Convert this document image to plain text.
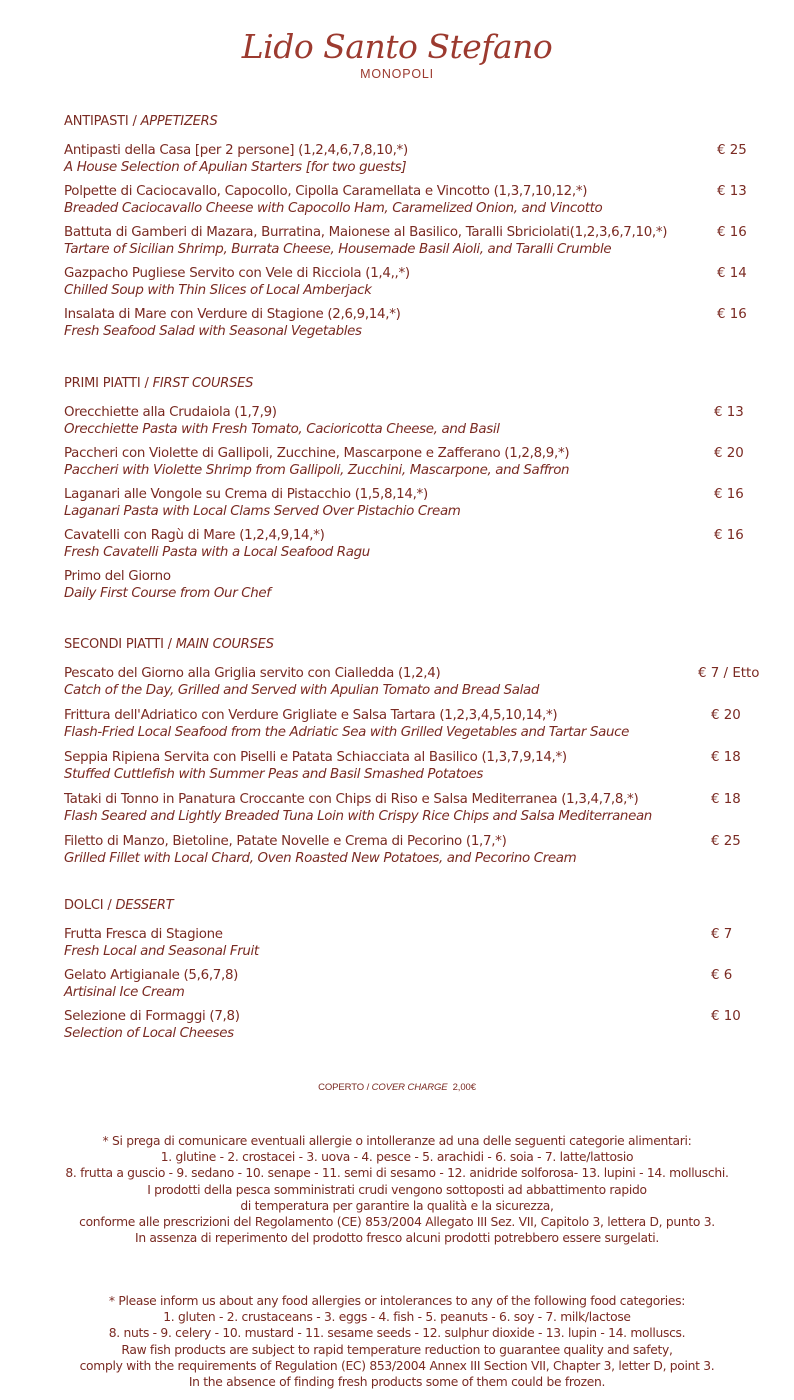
Lido Santo Stefano
MONOPOLI
ANTIPASTI / APPETIZERS
Antipasti della Casa [per 2 persone] (1,2,4,6,7,8,10,*)
A House Selection of Apulian Starters [for two guests]
€ 25
Polpette di Caciocavallo, Capocollo, Cipolla Caramellata e Vincotto (1,3,7,10,12,*)
Breaded Caciocavallo Cheese with Capocollo Ham, Caramelized Onion, and Vincotto
€ 13
Battuta di Gamberi di Mazara, Burratina, Maionese al Basilico, Taralli Sbriciolati(1,2,3,6,7,10,*)
Tartare of Sicilian Shrimp, Burrata Cheese, Housemade Basil Aioli, and Taralli Crumble
€ 16
Gazpacho Pugliese Servito con Vele di Ricciola (1,4,,*)
Chilled Soup with Thin Slices of Local Amberjack
€ 14
Insalata di Mare con Verdure di Stagione (2,6,9,14,*)
Fresh Seafood Salad with Seasonal Vegetables
€ 16
PRIMI PIATTI / FIRST COURSES
Orecchiette alla Crudaiola (1,7,9)
Orecchiette Pasta with Fresh Tomato, Cacioricotta Cheese, and Basil
€ 13
Paccheri con Violette di Gallipoli, Zucchine, Mascarpone e Zafferano (1,2,8,9,*)
Paccheri with Violette Shrimp from Gallipoli, Zucchini, Mascarpone, and Saffron
€ 20
Laganari alle Vongole su Crema di Pistacchio (1,5,8,14,*)
Laganari Pasta with Local Clams Served Over Pistachio Cream
€ 16
Cavatelli con Ragù di Mare (1,2,4,9,14,*)
Fresh Cavatelli Pasta with a Local Seafood Ragu
€ 16
Primo del Giorno
Daily First Course from Our Chef
SECONDI PIATTI / MAIN COURSES
Pescato del Giorno alla Griglia servito con Cialledda (1,2,4)
Catch of the Day, Grilled and Served with Apulian Tomato and Bread Salad
€ 7 / Etto
Frittura dell'Adriatico con Verdure Grigliate e Salsa Tartara (1,2,3,4,5,10,14,*)
Flash-Fried Local Seafood from the Adriatic Sea with Grilled Vegetables and Tartar Sauce
€ 20
Seppia Ripiena Servita con Piselli e Patata Schiacciata al Basilico (1,3,7,9,14,*)
Stuffed Cuttlefish with Summer Peas and Basil Smashed Potatoes
€ 18
Tataki di Tonno in Panatura Croccante con Chips di Riso e Salsa Mediterranea (1,3,4,7,8,*)
Flash Seared and Lightly Breaded Tuna Loin with Crispy Rice Chips and Salsa Mediterranean
€ 18
Filetto di Manzo, Bietoline, Patate Novelle e Crema di Pecorino (1,7,*)
Grilled Fillet with Local Chard, Oven Roasted New Potatoes, and Pecorino Cream
€ 25
DOLCI / DESSERT
Frutta Fresca di Stagione
Fresh Local and Seasonal Fruit
€ 7
Gelato Artigianale (5,6,7,8)
Artisinal Ice Cream
€ 6
Selezione di Formaggi (7,8)
Selection of Local Cheeses
€ 10
COPERTO / COVER CHARGE 2,00€
* Si prega di comunicare eventuali allergie o intolleranze ad una delle seguenti categorie alimentari:
1. glutine - 2. crostacei - 3. uova - 4. pesce - 5. arachidi - 6. soia - 7. latte/lattosio
8. frutta a guscio - 9. sedano - 10. senape - 11. semi di sesamo - 12. anidride solforosa- 13. lupini - 14. molluschi.
I prodotti della pesca somministrati crudi vengono sottoposti ad abbattimento rapido
di temperatura per garantire la qualità e la sicurezza,
conforme alle prescrizioni del Regolamento (CE) 853/2004 Allegato III Sez. VII, Capitolo 3, lettera D, punto 3.
In assenza di reperimento del prodotto fresco alcuni prodotti potrebbero essere surgelati.
* Please inform us about any food allergies or intolerances to any of the following food categories:
1. gluten - 2. crustaceans - 3. eggs - 4. fish - 5. peanuts - 6. soy - 7. milk/lactose
8. nuts - 9. celery - 10. mustard - 11. sesame seeds - 12. sulphur dioxide - 13. lupin - 14. molluscs.
Raw fish products are subject to rapid temperature reduction to guarantee quality and safety,
comply with the requirements of Regulation (EC) 853/2004 Annex III Section VII, Chapter 3, letter D, point 3.
In the absence of finding fresh products some of them could be frozen.
